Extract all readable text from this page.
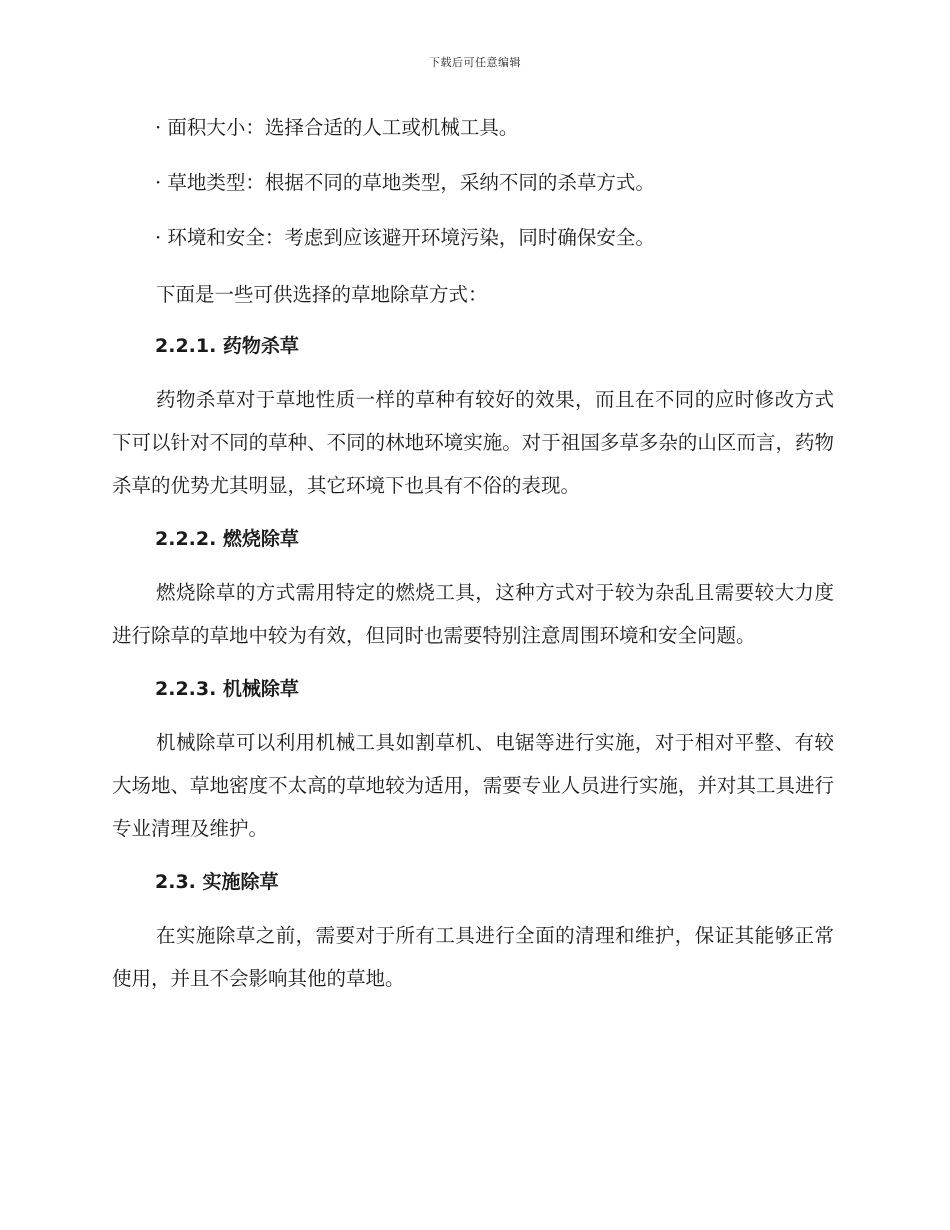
下载后可任意编辑
· 面积大小：选择合适的人工或机械工具。
· 草地类型：根据不同的草地类型，采纳不同的杀草方式。
· 环境和安全：考虑到应该避开环境污染，同时确保安全。
下面是一些可供选择的草地除草方式：
2.2.1. 药物杀草
药物杀草对于草地性质一样的草种有较好的效果，而且在不同的应时修改方式下可以针对不同的草种、不同的林地环境实施。对于祖国多草多杂的山区而言，药物杀草的优势尤其明显，其它环境下也具有不俗的表现。
2.2.2. 燃烧除草
燃烧除草的方式需用特定的燃烧工具，这种方式对于较为杂乱且需要较大力度进行除草的草地中较为有效，但同时也需要特别注意周围环境和安全问题。
2.2.3. 机械除草
机械除草可以利用机械工具如割草机、电锯等进行实施，对于相对平整、有较大场地、草地密度不太高的草地较为适用，需要专业人员进行实施，并对其工具进行专业清理及维护。
2.3. 实施除草
在实施除草之前，需要对于所有工具进行全面的清理和维护，保证其能够正常使用，并且不会影响其他的草地。
